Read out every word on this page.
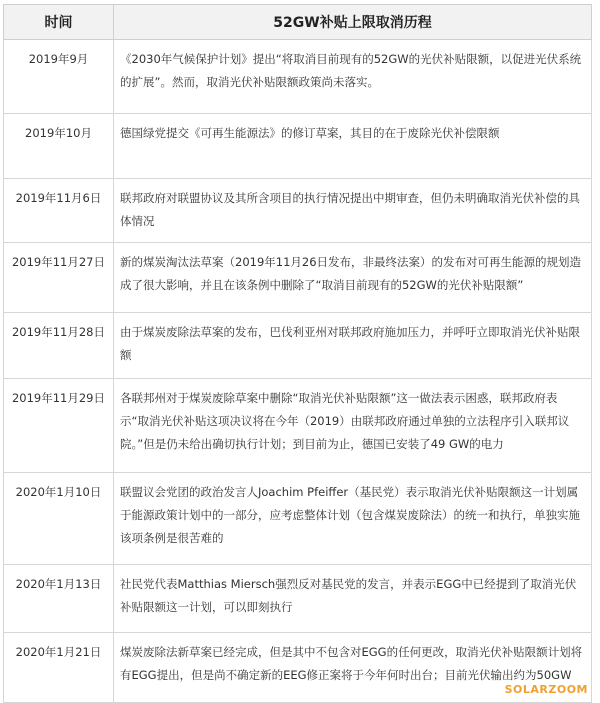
时间	52GW补贴上限取消历程
2019年9月	《2030年气候保护计划》提出“将取消目前现有的52GW的光伏补贴限额，以促进光伏系统的扩展”。然而，取消光伏补贴限额政策尚未落实。
2019年10月	德国绿党提交《可再生能源法》的修订草案，其目的在于废除光伏补偿限额
2019年11月6日	联邦政府对联盟协议及其所含项目的执行情况提出中期审查，但仍未明确取消光伏补偿的具体情况
2019年11月27日	新的煤炭淘汰法草案（2019年11月26日发布，非最终法案）的发布对可再生能源的规划造成了很大影响，并且在该条例中删除了“取消目前现有的52GW的光伏补贴限额”
2019年11月28日	由于煤炭废除法草案的发布，巴伐利亚州对联邦政府施加压力，并呼吁立即取消光伏补贴限额
2019年11月29日	各联邦州对于煤炭废除草案中删除“取消光伏补贴限额”这一做法表示困惑，联邦政府表示“取消光伏补贴这项决议将在今年（2019）由联邦政府通过单独的立法程序引入联邦议院。”但是仍未给出确切执行计划；到目前为止，德国已安装了49 GW的电力
2020年1月10日	联盟议会党团的政治发言人Joachim Pfeiffer（基民党）表示取消光伏补贴限额这一计划属于能源政策计划中的一部分，应考虑整体计划（包含煤炭废除法）的统一和执行，单独实施该项条例是很苦难的
2020年1月13日	社民党代表Matthias Miersch强烈反对基民党的发言，并表示EGG中已经提到了取消光伏补贴限额这一计划，可以即刻执行
2020年1月21日	煤炭废除法新草案已经完成，但是其中不包含对EGG的任何更改，取消光伏补贴限额计划将有EGG提出，但是尚不确定新的EEG修正案将于今年何时出台；目前光伏输出约为50GW
SOLARZOOM
